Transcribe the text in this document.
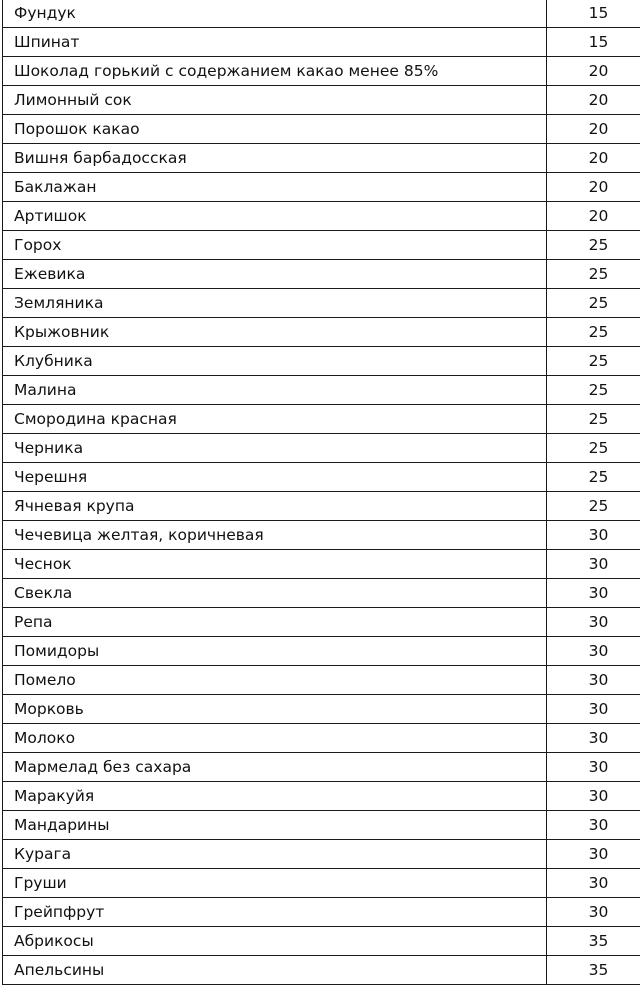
Фундук	15
Шпинат	15
Шоколад горький с содержанием какао менее 85%	20
Лимонный сок	20
Порошок какао	20
Вишня барбадосская	20
Баклажан	20
Артишок	20
Горох	25
Ежевика	25
Земляника	25
Крыжовник	25
Клубника	25
Малина	25
Смородина красная	25
Черника	25
Черешня	25
Ячневая крупа	25
Чечевица желтая, коричневая	30
Чеснок	30
Свекла	30
Репа	30
Помидоры	30
Помело	30
Морковь	30
Молоко	30
Мармелад без сахара	30
Маракуйя	30
Мандарины	30
Курага	30
Груши	30
Грейпфрут	30
Абрикосы	35
Апельсины	35
